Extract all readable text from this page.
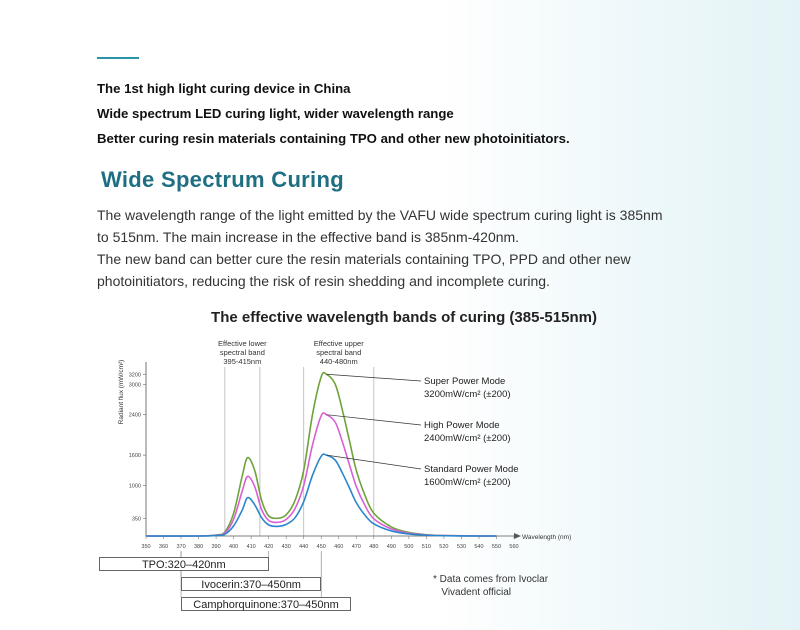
The 1st high light curing device in China
Wide spectrum LED curing light, wider wavelength range
Better curing resin materials containing TPO and other new photoinitiators.
Wide Spectrum Curing

The wavelength range of the light emitted by the VAFU wide spectrum curing light is 385nm
to 515nm. The main increase in the effective band is 385nm-420nm.
The new band can better cure the resin materials containing TPO, PPD and other new
photoinitiators, reducing the risk of resin shedding and incomplete curing.

The effective wavelength bands of curing (385-515nm)
350
1000
1600
2400
3000
3200
350 360 370 380 390 400 410 420 430 440 450 460 470 480 490 500 510 520 530 540 550 560
Wavelength (nm)
Radiant flux (mW/cm²)
Effective lower
spectral band
395-415nm
Effective upper
spectral band
440-480nm
Super Power Mode
3200mW/cm² (±200)
High Power Mode
2400mW/cm² (±200)
Standard Power Mode
1600mW/cm² (±200)
TPO:320–420nm
Ivocerin:370–450nm
Camphorquinone:370–450nm
* Data comes from Ivoclar
Vivadent official
